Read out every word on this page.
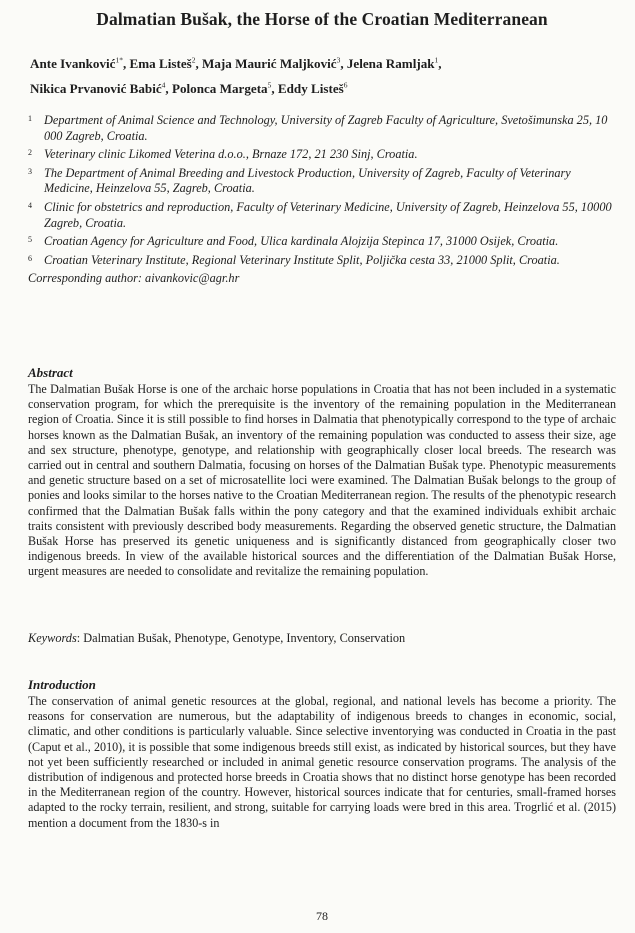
Dalmatian Bušak, the Horse of the Croatian Mediterranean
Ante Ivanković$^{1*}$, Ema Listeš$^2$, Maja Maurić Maljković$^3$, Jelena Ramljak$^1$,
Nikica Prvanović Babić$^4$, Polonca Margeta$^5$, Eddy Listeš$^6$
1 Department of Animal Science and Technology, University of Zagreb Faculty of Agriculture, Svetošimunska 25, 10 000 Zagreb, Croatia.
2 Veterinary clinic Likomed Veterina d.o.o., Brnaze 172, 21 230 Sinj, Croatia.
3 The Department of Animal Breeding and Livestock Production, University of Zagreb, Faculty of Veterinary Medicine, Heinzelova 55, Zagreb, Croatia.
4 Clinic for obstetrics and reproduction, Faculty of Veterinary Medicine, University of Zagreb, Heinzelova 55, 10000 Zagreb, Croatia.
5 Croatian Agency for Agriculture and Food, Ulica kardinala Alojzija Stepinca 17, 31000 Osijek, Croatia.
6 Croatian Veterinary Institute, Regional Veterinary Institute Split, Poljička cesta 33, 21000 Split, Croatia.
Corresponding author: aivankovic@agr.hr
Abstract
The Dalmatian Bušak Horse is one of the archaic horse populations in Croatia that has not been included in a systematic conservation program, for which the prerequisite is the inventory of the remaining population in the Mediterranean region of Croatia. Since it is still possible to find horses in Dalmatia that phenotypically correspond to the type of archaic horses known as the Dalmatian Bušak, an inventory of the remaining population was conducted to assess their size, age and sex structure, phenotype, genotype, and relationship with geographically closer local breeds. The research was carried out in central and southern Dalmatia, focusing on horses of the Dalmatian Bušak type. Phenotypic measurements and genetic structure based on a set of microsatellite loci were examined. The Dalmatian Bušak belongs to the group of ponies and looks similar to the horses native to the Croatian Mediterranean region. The results of the phenotypic research confirmed that the Dalmatian Bušak falls within the pony category and that the examined individuals exhibit archaic traits consistent with previously described body measurements. Regarding the observed genetic structure, the Dalmatian Bušak Horse has preserved its genetic uniqueness and is significantly distanced from geographically closer two indigenous breeds. In view of the available historical sources and the differentiation of the Dalmatian Bušak Horse, urgent measures are needed to consolidate and revitalize the remaining population.
Keywords: Dalmatian Bušak, Phenotype, Genotype, Inventory, Conservation
Introduction
The conservation of animal genetic resources at the global, regional, and national levels has become a priority. The reasons for conservation are numerous, but the adaptability of indigenous breeds to changes in economic, social, climatic, and other conditions is particularly valuable. Since selective inventorying was conducted in Croatia in the past (Caput et al., 2010), it is possible that some indigenous breeds still exist, as indicated by historical sources, but they have not yet been sufficiently researched or included in animal genetic resource conservation programs. The analysis of the distribution of indigenous and protected horse breeds in Croatia shows that no distinct horse genotype has been recorded in the Mediterranean region of the country. However, historical sources indicate that for centuries, small-framed horses adapted to the rocky terrain, resilient, and strong, suitable for carrying loads were bred in this area. Trogrlić et al. (2015) mention a document from the 1830-s in
78
